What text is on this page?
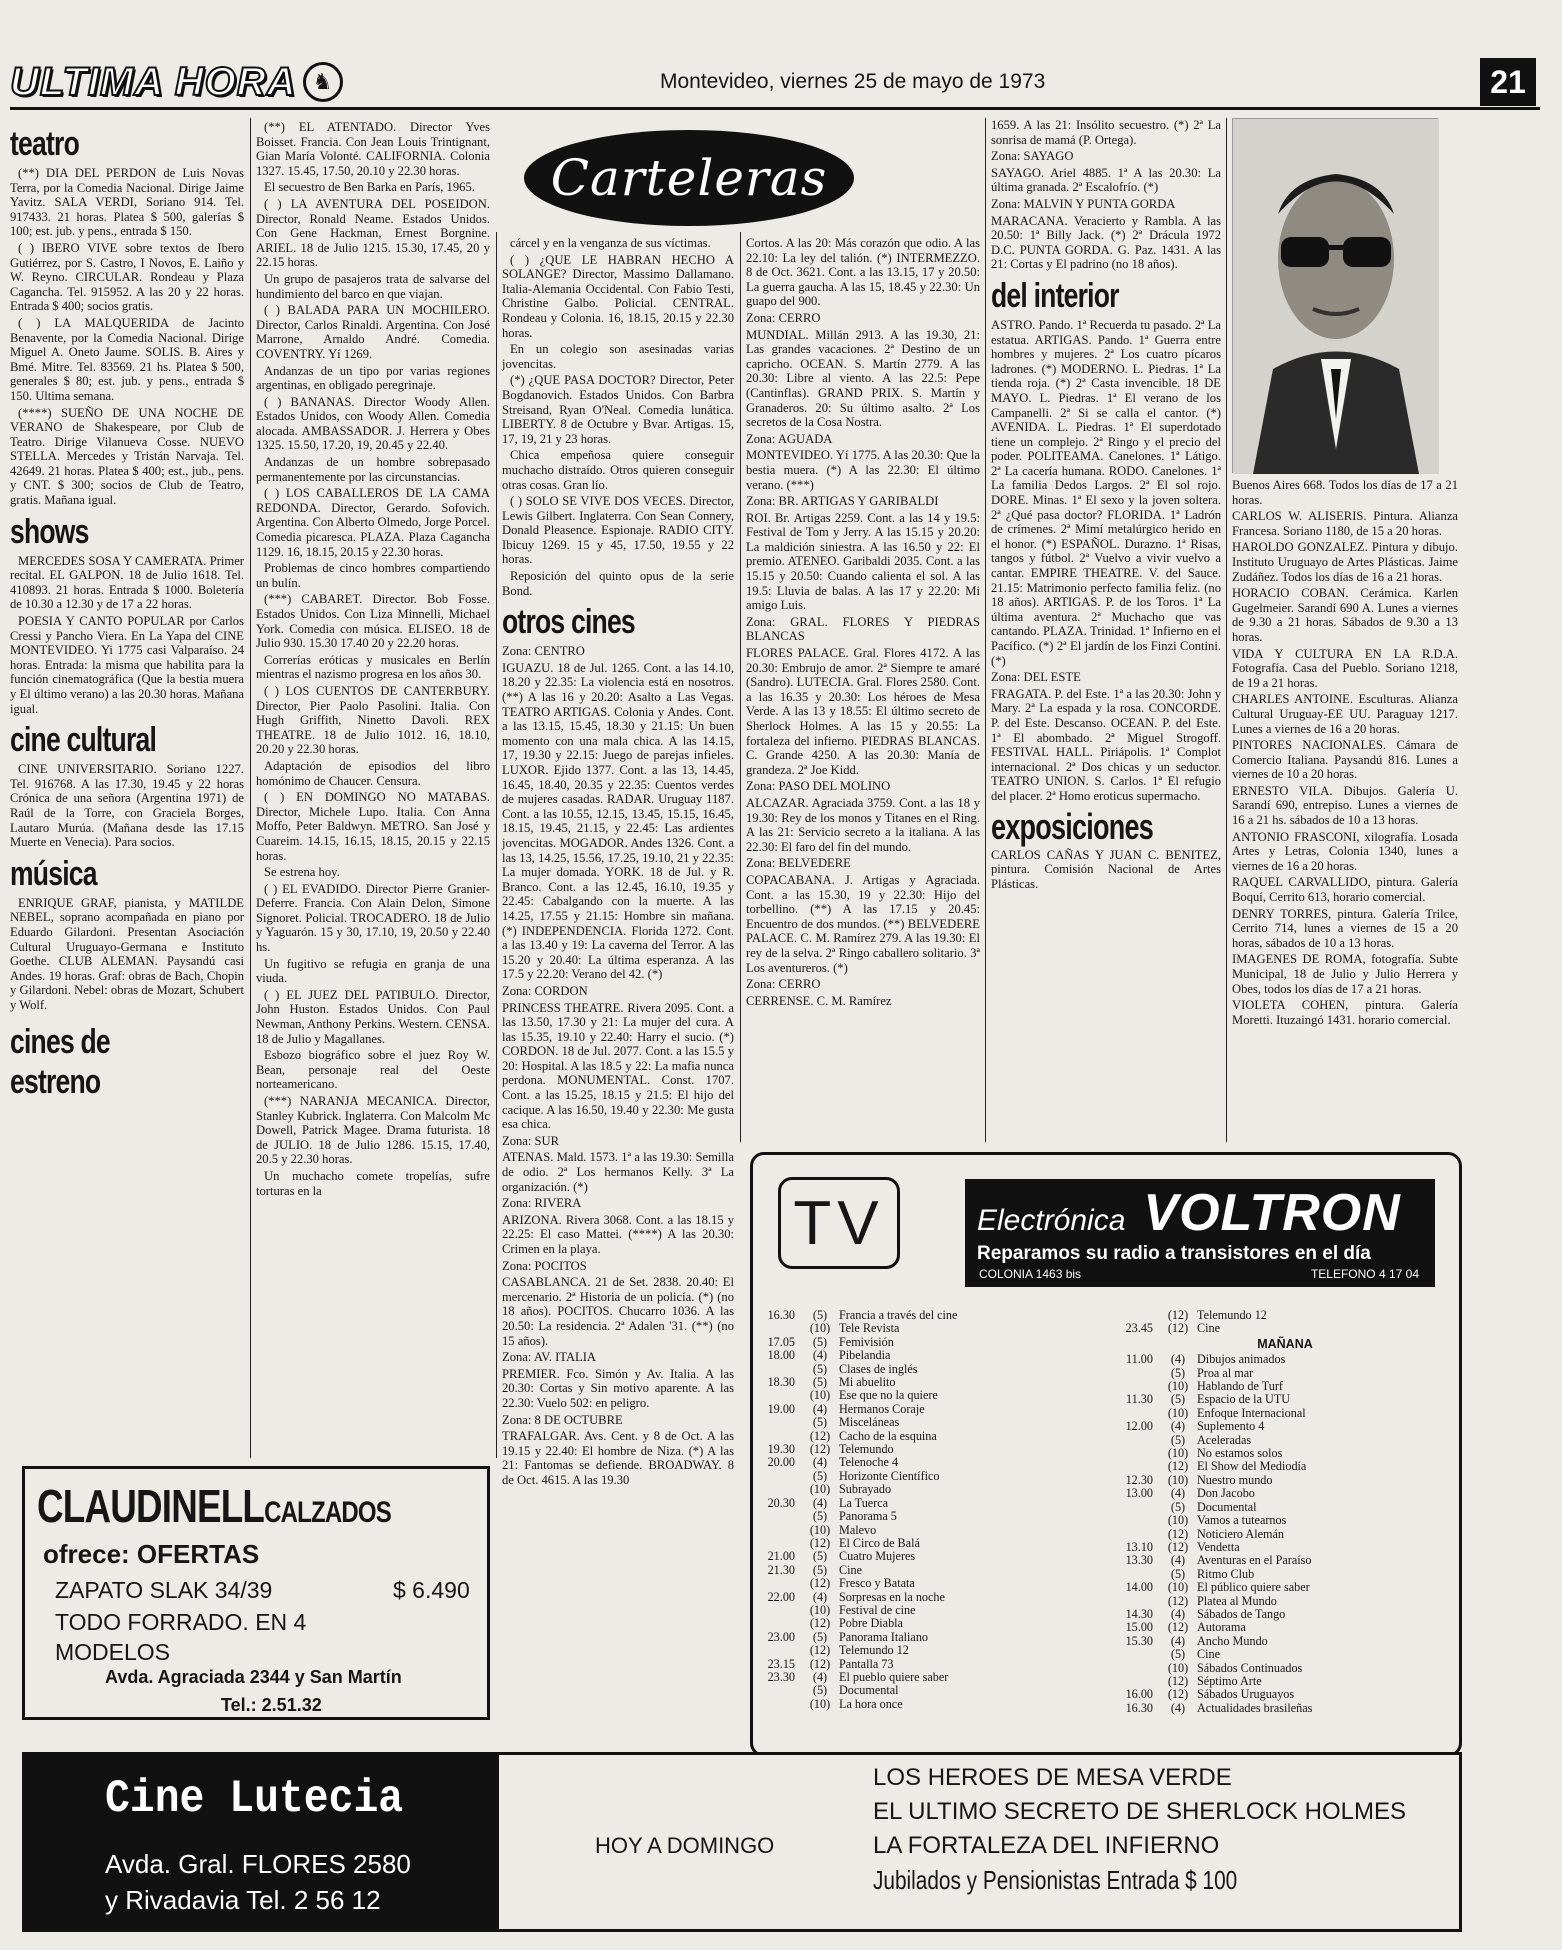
ULTIMA HORA ♞	Montevideo, viernes 25 de mayo de 1973	21
teatro

(**) DIA DEL PERDON de Luis Novas Terra, por la Comedia Nacional. Dirige Jaime Yavitz. SALA VERDI, Soriano 914. Tel. 917433. 21 horas. Platea $ 500, galerías $ 100; est. jub. y pens., entrada $ 150.

( ) IBERO VIVE sobre textos de Ibero Gutiérrez, por S. Castro, I Novos, E. Laiño y W. Reyno. CIRCULAR. Rondeau y Plaza Cagancha. Tel. 915952. A las 20 y 22 horas. Entrada $ 400; socios gratis.

( ) LA MALQUERIDA de Jacinto Benavente, por la Comedia Nacional. Dirige Miguel A. Oneto Jaume. SOLIS. B. Aires y Bmé. Mitre. Tel. 83569. 21 hs. Platea $ 500, generales $ 80; est. jub. y pens., entrada $ 150. Ultima semana.

(****) SUEÑO DE UNA NOCHE DE VERANO de Shakespeare, por Club de Teatro. Dirige Vilanueva Cosse. NUEVO STELLA. Mercedes y Tristán Narvaja. Tel. 42649. 21 horas. Platea $ 400; est., jub., pens. y CNT. $ 300; socios de Club de Teatro, gratis. Mañana igual.

shows

MERCEDES SOSA Y CAMERATA. Primer recital. EL GALPON. 18 de Julio 1618. Tel. 410893. 21 horas. Entrada $ 1000. Boletería de 10.30 a 12.30 y de 17 a 22 horas.

POESIA Y CANTO POPULAR por Carlos Cressi y Pancho Viera. En La Yapa del CINE MONTEVIDEO. Yi 1775 casi Valparaíso. 24 horas. Entrada: la misma que habilita para la función cinematográfica (Que la bestia muera y El último verano) a las 20.30 horas. Mañana igual.

cine cultural

CINE UNIVERSITARIO. Soriano 1227. Tel. 916768. A las 17.30, 19.45 y 22 horas Crónica de una señora (Argentina 1971) de Raúl de la Torre, con Graciela Borges, Lautaro Murúa. (Mañana desde las 17.15 Muerte en Venecia). Para socios.

música

ENRIQUE GRAF, pianista, y MATILDE NEBEL, soprano acompañada en piano por Eduardo Gilardoni. Presentan Asociación Cultural Uruguayo-Germana e Instituto Goethe. CLUB ALEMAN. Paysandú casi Andes. 19 horas. Graf: obras de Bach, Chopin y Gilardoni. Nebel: obras de Mozart, Schubert y Wolf.

cines de
estreno

(**) EL ATENTADO. Director Yves Boisset. Francia. Con Jean Louis Trintignant, Gian María Volonté. CALIFORNIA. Colonia 1327. 15.45, 17.50, 20.10 y 22.30 horas.

El secuestro de Ben Barka en París, 1965.

( ) LA AVENTURA DEL POSEIDON. Director, Ronald Neame. Estados Unidos. Con Gene Hackman, Ernest Borgnine. ARIEL. 18 de Julio 1215. 15.30, 17.45, 20 y 22.15 horas.

Un grupo de pasajeros trata de salvarse del hundimiento del barco en que viajan.

( ) BALADA PARA UN MOCHILERO. Director, Carlos Rinaldi. Argentina. Con José Marrone, Arnaldo André. Comedia. COVENTRY. Yí 1269.

Andanzas de un tipo por varias regiones argentinas, en obligado peregrinaje.

( ) BANANAS. Director Woody Allen. Estados Unidos, con Woody Allen. Comedia alocada. AMBASSADOR. J. Herrera y Obes 1325. 15.50, 17.20, 19, 20.45 y 22.40.

Andanzas de un hombre sobrepasado permanentemente por las circunstancias.

( ) LOS CABALLEROS DE LA CAMA REDONDA. Director, Gerardo. Sofovich. Argentina. Con Alberto Olmedo, Jorge Porcel. Comedia picaresca. PLAZA. Plaza Cagancha 1129. 16, 18.15, 20.15 y 22.30 horas.

Problemas de cinco hombres compartiendo un bulín.

(***) CABARET. Director. Bob Fosse. Estados Unidos. Con Liza Minnelli, Michael York. Comedia con música. ELISEO. 18 de Julio 930. 15.30 17.40 20 y 22.20 horas.

Correrías eróticas y musicales en Berlín mientras el nazismo progresa en los años 30.

( ) LOS CUENTOS DE CANTERBURY. Director, Pier Paolo Pasolini. Italia. Con Hugh Griffith, Ninetto Davoli. REX THEATRE. 18 de Julio 1012. 16, 18.10, 20.20 y 22.30 horas.

Adaptación de episodios del libro homónimo de Chaucer. Censura.

( ) EN DOMINGO NO MATABAS. Director, Michele Lupo. Italia. Con Anna Moffo, Peter Baldwyn. METRO. San José y Cuareim. 14.15, 16.15, 18.15, 20.15 y 22.15 horas.

Se estrena hoy.

( ) EL EVADIDO. Director Pierre Granier-Deferre. Francia. Con Alain Delon, Simone Signoret. Policial. TROCADERO. 18 de Julio y Yaguarón. 15 y 30, 17.10, 19, 20.50 y 22.40 hs.

Un fugitivo se refugia en granja de una viuda.

( ) EL JUEZ DEL PATIBULO. Director, John Huston. Estados Unidos. Con Paul Newman, Anthony Perkins. Western. CENSA. 18 de Julio y Magallanes.

Esbozo biográfico sobre el juez Roy W. Bean, personaje real del Oeste norteamericano.

(***) NARANJA MECANICA. Director, Stanley Kubrick. Inglaterra. Con Malcolm Mc Dowell, Patrick Magee. Drama futurista. 18 de JULIO. 18 de Julio 1286. 15.15, 17.40, 20.5 y 22.30 horas.

Un muchacho comete tropelías, sufre torturas en la

Carteleras

cárcel y en la venganza de sus víctimas.

( ) ¿QUE LE HABRAN HECHO A SOLANGE? Director, Massimo Dallamano. Italia-Alemania Occidental. Con Fabio Testi, Christine Galbo. Policial. CENTRAL. Rondeau y Colonia. 16, 18.15, 20.15 y 22.30 horas.

En un colegio son asesinadas varias jovencitas.

(*) ¿QUE PASA DOCTOR? Director, Peter Bogdanovich. Estados Unidos. Con Barbra Streisand, Ryan O'Neal. Comedia lunática. LIBERTY. 8 de Octubre y Bvar. Artigas. 15, 17, 19, 21 y 23 horas.

Chica empeñosa quiere conseguir muchacho distraído. Otros quieren conseguir otras cosas. Gran lío.

( ) SOLO SE VIVE DOS VECES. Director, Lewis Gilbert. Inglaterra. Con Sean Connery, Donald Pleasence. Espionaje. RADIO CITY. Ibicuy 1269. 15 y 45, 17.50, 19.55 y 22 horas.

Reposición del quinto opus de la serie Bond.

otros cines

Zona: CENTRO

IGUAZU. 18 de Jul. 1265. Cont. a las 14.10, 18.20 y 22.35: La violencia está en nosotros. (**) A las 16 y 20.20: Asalto a Las Vegas. TEATRO ARTIGAS. Colonia y Andes. Cont. a las 13.15, 15.45, 18.30 y 21.15: Un buen momento con una mala chica. A las 14.15, 17, 19.30 y 22.15: Juego de parejas infieles. LUXOR. Ejido 1377. Cont. a las 13, 14.45, 16.45, 18.40, 20.35 y 22.35: Cuentos verdes de mujeres casadas. RADAR. Uruguay 1187. Cont. a las 10.55, 12.15, 13.45, 15.15, 16.45, 18.15, 19.45, 21.15, y 22.45: Las ardientes jovencitas. MOGADOR. Andes 1326. Cont. a las 13, 14.25, 15.56, 17.25, 19.10, 21 y 22.35: La mujer domada. YORK. 18 de Jul. y R. Branco. Cont. a las 12.45, 16.10, 19.35 y 22.45: Cabalgando con la muerte. A las 14.25, 17.55 y 21.15: Hombre sin mañana. (*) INDEPENDENCIA. Florida 1272. Cont. a las 13.40 y 19: La caverna del Terror. A las 15.20 y 20.40: La última esperanza. A las 17.5 y 22.20: Verano del 42. (*)

Zona: CORDON

PRINCESS THEATRE. Rivera 2095. Cont. a las 13.50, 17.30 y 21: La mujer del cura. A las 15.35, 19.10 y 22.40: Harry el sucio. (*) CORDON. 18 de Jul. 2077. Cont. a las 15.5 y 20: Hospital. A las 18.5 y 22: La mafia nunca perdona. MONUMENTAL. Const. 1707. Cont. a las 15.25, 18.15 y 21.5: El hijo del cacique. A las 16.50, 19.40 y 22.30: Me gusta esa chica.

Zona: SUR

ATENAS. Mald. 1573. 1ª a las 19.30: Semilla de odio. 2ª Los hermanos Kelly. 3ª La organización. (*)

Zona: RIVERA

ARIZONA. Rivera 3068. Cont. a las 18.15 y 22.25: El caso Mattei. (****) A las 20.30: Crimen en la playa.

Zona: POCITOS

CASABLANCA. 21 de Set. 2838. 20.40: El mercenario. 2ª Historia de un policía. (*) (no 18 años). POCITOS. Chucarro 1036. A las 20.50: La residencia. 2ª Adalen '31. (**) (no 15 años).

Zona: AV. ITALIA

PREMIER. Fco. Simón y Av. Italia. A las 20.30: Cortas y Sin motivo aparente. A las 22.30: Vuelo 502: en peligro.

Zona: 8 DE OCTUBRE

TRAFALGAR. Avs. Cent. y 8 de Oct. A las 19.15 y 22.40: El hombre de Niza. (*) A las 21: Fantomas se defiende. BROADWAY. 8 de Oct. 4615. A las 19.30

Cortos. A las 20: Más corazón que odio. A las 22.10: La ley del talión. (*) INTERMEZZO. 8 de Oct. 3621. Cont. a las 13.15, 17 y 20.50: La guerra gaucha. A las 15, 18.45 y 22.30: Un guapo del 900.

Zona: CERRO

MUNDIAL. Millán 2913. A las 19.30, 21: Las grandes vacaciones. 2ª Destino de un capricho. OCEAN. S. Martín 2779. A las 20.30: Libre al viento. A las 22.5: Pepe (Cantinflas). GRAND PRIX. S. Martín y Granaderos. 20: Su último asalto. 2ª Los secretos de la Cosa Nostra.

Zona: AGUADA

MONTEVIDEO. Yí 1775. A las 20.30: Que la bestia muera. (*) A las 22.30: El último verano. (***)

Zona: BR. ARTIGAS Y GARIBALDI

ROI. Br. Artigas 2259. Cont. a las 14 y 19.5: Festival de Tom y Jerry. A las 15.15 y 20.20: La maldición siniestra. A las 16.50 y 22: El premio. ATENEO. Garibaldi 2035. Cont. a las 15.15 y 20.50: Cuando calienta el sol. A las 19.5: Lluvia de balas. A las 17 y 22.20: Mi amigo Luis.

Zona: GRAL. FLORES Y PIEDRAS BLANCAS

FLORES PALACE. Gral. Flores 4172. A las 20.30: Embrujo de amor. 2ª Siempre te amaré (Sandro). LUTECIA. Gral. Flores 2580. Cont. a las 16.35 y 20.30: Los héroes de Mesa Verde. A las 13 y 18.55: El último secreto de Sherlock Holmes. A las 15 y 20.55: La fortaleza del infierno. PIEDRAS BLANCAS. C. Grande 4250. A las 20.30: Manía de grandeza. 2ª Joe Kidd.

Zona: PASO DEL MOLINO

ALCAZAR. Agraciada 3759. Cont. a las 18 y 19.30: Rey de los monos y Titanes en el Ring. A las 21: Servicio secreto a la italiana. A las 22.30: El faro del fin del mundo.

Zona: BELVEDERE

COPACABANA. J. Artigas y Agraciada. Cont. a las 15.30, 19 y 22.30: Hijo del torbellino. (**) A las 17.15 y 20.45: Encuentro de dos mundos. (**) BELVEDERE PALACE. C. M. Ramírez 279. A las 19.30: El rey de la selva. 2ª Ringo caballero solitario. 3ª Los aventureros. (*)

Zona: CERRO

CERRENSE. C. M. Ramírez

1659. A las 21: Insólito secuestro. (*) 2ª La sonrisa de mamá (P. Ortega).

Zona: SAYAGO

SAYAGO. Ariel 4885. 1ª A las 20.30: La última granada. 2ª Escalofrío. (*)

Zona: MALVIN Y PUNTA GORDA

MARACANA. Veracierto y Rambla. A las 20.50: 1ª Billy Jack. (*) 2ª Drácula 1972 D.C. PUNTA GORDA. G. Paz. 1431. A las 21: Cortas y El padrino (no 18 años).

del interior

ASTRO. Pando. 1ª Recuerda tu pasado. 2ª La estatua. ARTIGAS. Pando. 1ª Guerra entre hombres y mujeres. 2ª Los cuatro pícaros ladrones. (*) MODERNO. L. Piedras. 1ª La tienda roja. (*) 2ª Casta invencible. 18 DE MAYO. L. Piedras. 1ª El verano de los Campanelli. 2ª Si se calla el cantor. (*) AVENIDA. L. Piedras. 1ª El superdotado tiene un complejo. 2ª Ringo y el precio del poder. POLITEAMA. Canelones. 1ª Látigo. 2ª La cacería humana. RODO. Canelones. 1ª La familia Dedos Largos. 2ª El sol rojo. DORE. Minas. 1ª El sexo y la joven soltera. 2ª ¿Qué pasa doctor? FLORIDA. 1ª Ladrón de crímenes. 2ª Mimí metalúrgico herido en el honor. (*) ESPAÑOL. Durazno. 1ª Risas, tangos y fútbol. 2ª Vuelvo a vivir vuelvo a cantar. EMPIRE THEATRE. V. del Sauce. 21.15: Matrimonio perfecto familia feliz. (no 18 años). ARTIGAS. P. de los Toros. 1ª La última aventura. 2ª Muchacho que vas cantando. PLAZA. Trinidad. 1ª Infierno en el Pacífico. (*) 2ª El jardín de los Finzi Contini. (*)

Zona: DEL ESTE

FRAGATA. P. del Este. 1ª a las 20.30: John y Mary. 2ª La espada y la rosa. CONCORDE. P. del Este. Descanso. OCEAN. P. del Este. 1ª El abombado. 2ª Miguel Strogoff. FESTIVAL HALL. Piriápolis. 1ª Complot internacional. 2ª Dos chicas y un seductor. TEATRO UNION. S. Carlos. 1ª El refugio del placer. 2ª Homo eroticus supermacho.

exposiciones

CARLOS CAÑAS Y JUAN C. BENITEZ, pintura. Comisión Nacional de Artes Plásticas.

Buenos Aires 668. Todos los días de 17 a 21 horas.

CARLOS W. ALISERIS. Pintura. Alianza Francesa. Soriano 1180, de 15 a 20 horas.

HAROLDO GONZALEZ. Pintura y dibujo. Instituto Uruguayo de Artes Plásticas. Jaime Zudáñez. Todos los días de 16 a 21 horas.

HORACIO COBAN. Cerámica. Karlen Gugelmeier. Sarandí 690 A. Lunes a viernes de 9.30 a 21 horas. Sábados de 9.30 a 13 horas.

VIDA Y CULTURA EN LA R.D.A. Fotografía. Casa del Pueblo. Soriano 1218, de 19 a 21 horas.

CHARLES ANTOINE. Esculturas. Alianza Cultural Uruguay-EE UU. Paraguay 1217. Lunes a viernes de 16 a 20 horas.

PINTORES NACIONALES. Cámara de Comercio Italiana. Paysandú 816. Lunes a viernes de 10 a 20 horas.

ERNESTO VILA. Dibujos. Galería U. Sarandí 690, entrepiso. Lunes a viernes de 16 a 21 hs. sábados de 10 a 13 horas.

ANTONIO FRASCONI, xilografía. Losada Artes y Letras, Colonia 1340, lunes a viernes de 16 a 20 horas.

RAQUEL CARVALLIDO, pintura. Galería Boquí, Cerrito 613, horario comercial.

DENRY TORRES, pintura. Galería Trilce, Cerrito 714, lunes a viernes de 15 a 20 horas, sábados de 10 a 13 horas.

IMAGENES DE ROMA, fotografía. Subte Municipal, 18 de Julio y Julio Herrera y Obes, todos los días de 17 a 21 horas.

VIOLETA COHEN, pintura. Galería Moretti. Ituzaingó 1431. horario comercial.

TV	Electrónica VOLTRON
Reparamos su radio a transistores en el día
COLONIA 1463 bis	TELEFONO 4 17 04
16.30	(5) Francia a través del cine
(10) Tele Revista
17.05	(5) Femivisión
18.00	(4) Pibelandia
(5) Clases de inglés
18.30	(5) Mi abuelito
(10) Ese que no la quiere
19.00	(4) Hermanos Coraje
(5) Misceláneas
(12) Cacho de la esquina
19.30	(12) Telemundo
20.00	(4) Telenoche 4
(5) Horizonte Científico
(10) Subrayado
20.30	(4) La Tuerca
(5) Panorama 5
(10) Malevo
(12) El Circo de Balá
21.00	(5) Cuatro Mujeres
21.30	(5) Cine
(12) Fresco y Batata
22.00	(4) Sorpresas en la noche
(10) Festival de cine
(12) Pobre Diabla
23.00	(5) Panorama Italiano
(12) Telemundo 12
23.15	(12) Pantalla 73
23.30	(4) El pueblo quiere saber
(5) Documental
(10) La hora once
(12) Telemundo 12
23.45	(12) Cine
MAÑANA
11.00	(4) Dibujos animados
(5) Proa al mar
(10) Hablando de Turf
11.30	(5) Espacio de la UTU
(10) Enfoque Internacional
12.00	(4) Suplemento 4
(5) Aceleradas
(10) No estamos solos
(12) El Show del Mediodía
12.30	(10) Nuestro mundo
13.00	(4) Don Jacobo
(5) Documental
(10) Vamos a tutearnos
(12) Noticiero Alemán
13.10	(12) Vendetta
13.30	(4) Aventuras en el Paraíso
(5) Ritmo Club
14.00	(10) El público quiere saber
(12) Platea al Mundo
14.30	(4) Sábados de Tango
15.00	(12) Autorama
15.30	(4) Ancho Mundo
(5) Cine
(10) Sábados Continuados
(12) Séptimo Arte
16.00	(12) Sábados Uruguayos
16.30	(4) Actualidades brasileñas
CLAUDINELLCALZADOS
ofrece: OFERTAS
ZAPATO SLAK 34/39	$ 6.490
TODO FORRADO. EN 4
MODELOS
Avda. Agraciada 2344 y San Martín
Tel.: 2.51.32
Cine Lutecia
Avda. Gral. FLORES 2580
y Rivadavia Tel. 2 56 12
HOY A DOMINGO
LOS HEROES DE MESA VERDE
EL ULTIMO SECRETO DE SHERLOCK HOLMES
LA FORTALEZA DEL INFIERNO
Jubilados y Pensionistas Entrada $ 100
